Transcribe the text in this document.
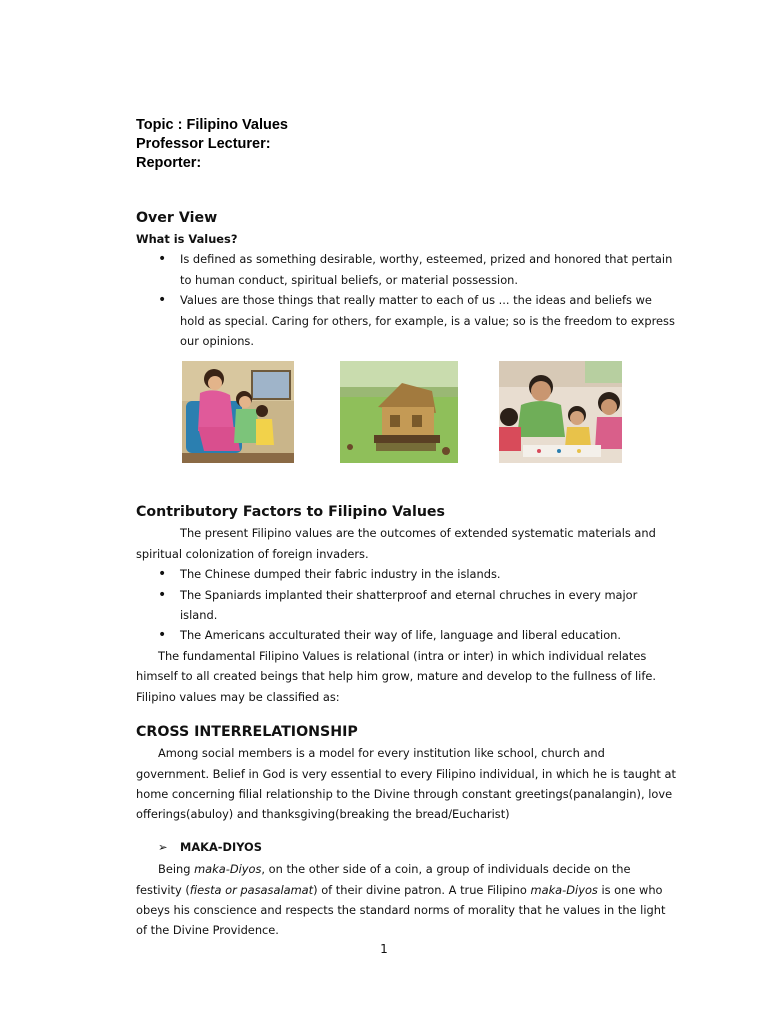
Topic : Filipino Values
Professor Lecturer:
Reporter:
Over View

What is Values?

• Is defined as something desirable, worthy, esteemed, prized and honored that pertain to human conduct, spiritual beliefs, or material possession.
• Values are those things that really matter to each of us ... the ideas and beliefs we hold as special. Caring for others, for example, is a value; so is the freedom to express our opinions.
Contributory Factors to Filipino Values

The present Filipino values are the outcomes of extended systematic materials and spiritual colonization of foreign invaders.

• The Chinese dumped their fabric industry in the islands.
• The Spaniards implanted their shatterproof and eternal chruches in every major island.
• The Americans acculturated their way of life, language and liberal education.

The fundamental Filipino Values is relational (intra or inter) in which individual relates himself to all created beings that help him grow, mature and develop to the fullness of life. Filipino values may be classified as:

CROSS INTERRELATIONSHIP

Among social members is a model for every institution like school, church and government. Belief in God is very essential to every Filipino individual, in which he is taught at home concerning filial relationship to the Divine through constant greetings(panalangin), love offerings(abuloy) and thanksgiving(breaking the bread/Eucharist)

➢ MAKA-DIYOS

Being maka-Diyos, on the other side of a coin, a group of individuals decide on the festivity (fiesta or pasasalamat) of their divine patron. A true Filipino maka-Diyos is one who obeys his conscience and respects the standard norms of morality that he values in the light of the Divine Providence.

1
